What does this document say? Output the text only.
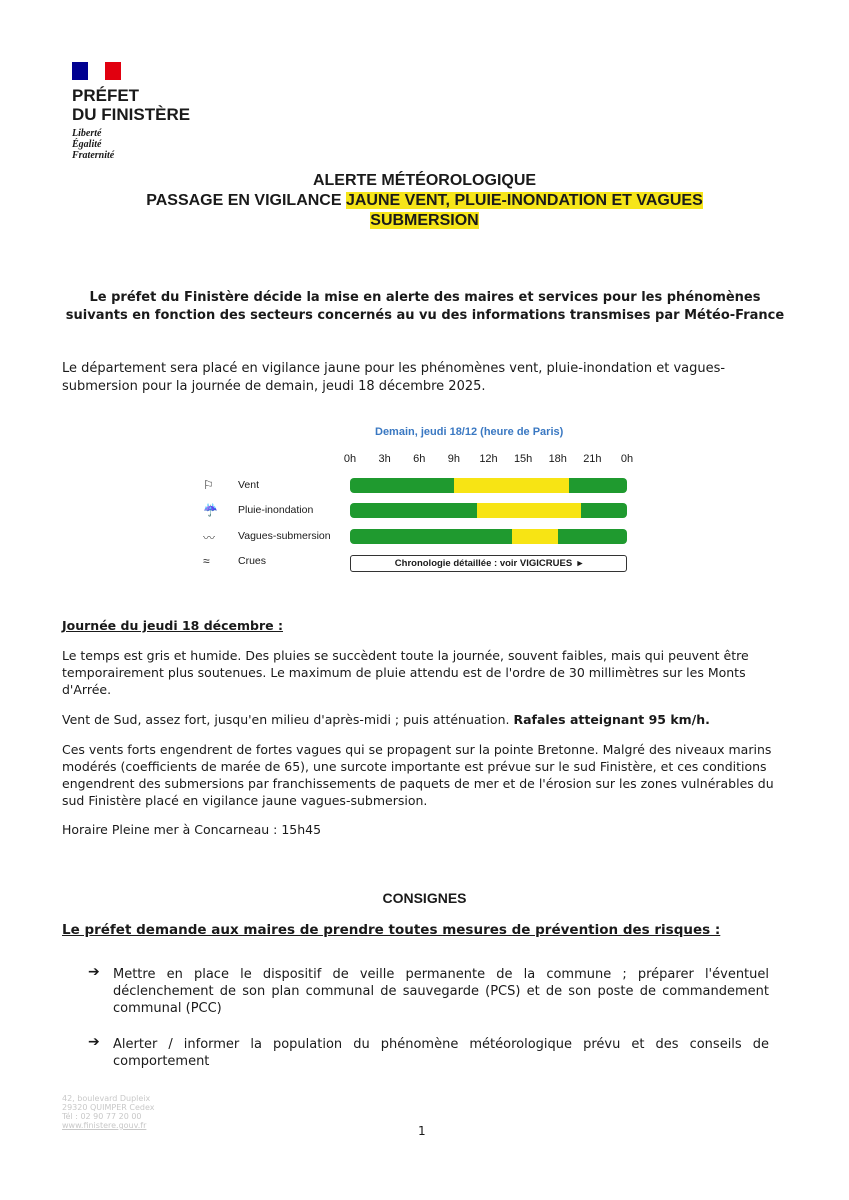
PRÉFET
DU FINISTÈRE
Liberté
Égalité
Fraternité
ALERTE MÉTÉOROLOGIQUE
PASSAGE EN VIGILANCE JAUNE VENT, PLUIE-INONDATION ET VAGUES
SUBMERSION
Le préfet du Finistère décide la mise en alerte des maires et services pour les phénomènes suivants en fonction des secteurs concernés au vu des informations transmises par Météo-France
Le département sera placé en vigilance jaune pour les phénomènes vent, pluie-inondation et vagues-submersion pour la journée de demain, jeudi 18 décembre 2025.
Demain, jeudi 18/12 (heure de Paris)
0h	3h	6h	9h	12h	15h	18h	21h	0h
⚐ Vent
☔ Pluie-inondation
〰 Vagues-submersion
≈	Crues	Chronologie détaillée : voir VIGICRUES ▸
Journée du jeudi 18 décembre :
Le temps est gris et humide. Des pluies se succèdent toute la journée, souvent faibles, mais qui peuvent être temporairement plus soutenues. Le maximum de pluie attendu est de l'ordre de 30 millimètres sur les Monts d'Arrée.
Vent de Sud, assez fort, jusqu'en milieu d'après-midi ; puis atténuation. Rafales atteignant 95 km/h.
Ces vents forts engendrent de fortes vagues qui se propagent sur la pointe Bretonne. Malgré des niveaux marins modérés (coefficients de marée de 65), une surcote importante est prévue sur le sud Finistère, et ces conditions engendrent des submersions par franchissements de paquets de mer et de l'érosion sur les zones vulnérables du sud Finistère placé en vigilance jaune vagues-submersion.
Horaire Pleine mer à Concarneau : 15h45
CONSIGNES
Le préfet demande aux maires de prendre toutes mesures de prévention des risques :
➔ Mettre en place le dispositif de veille permanente de la commune ; préparer l'éventuel déclenchement de son plan communal de sauvegarde (PCS) et de son poste de commandement communal (PCC)
➔ Alerter / informer la population du phénomène météorologique prévu et des conseils de comportement
42, boulevard Dupleix
29320 QUIMPER Cedex
Tél : 02 90 77 20 00
www.finistere.gouv.fr	1
